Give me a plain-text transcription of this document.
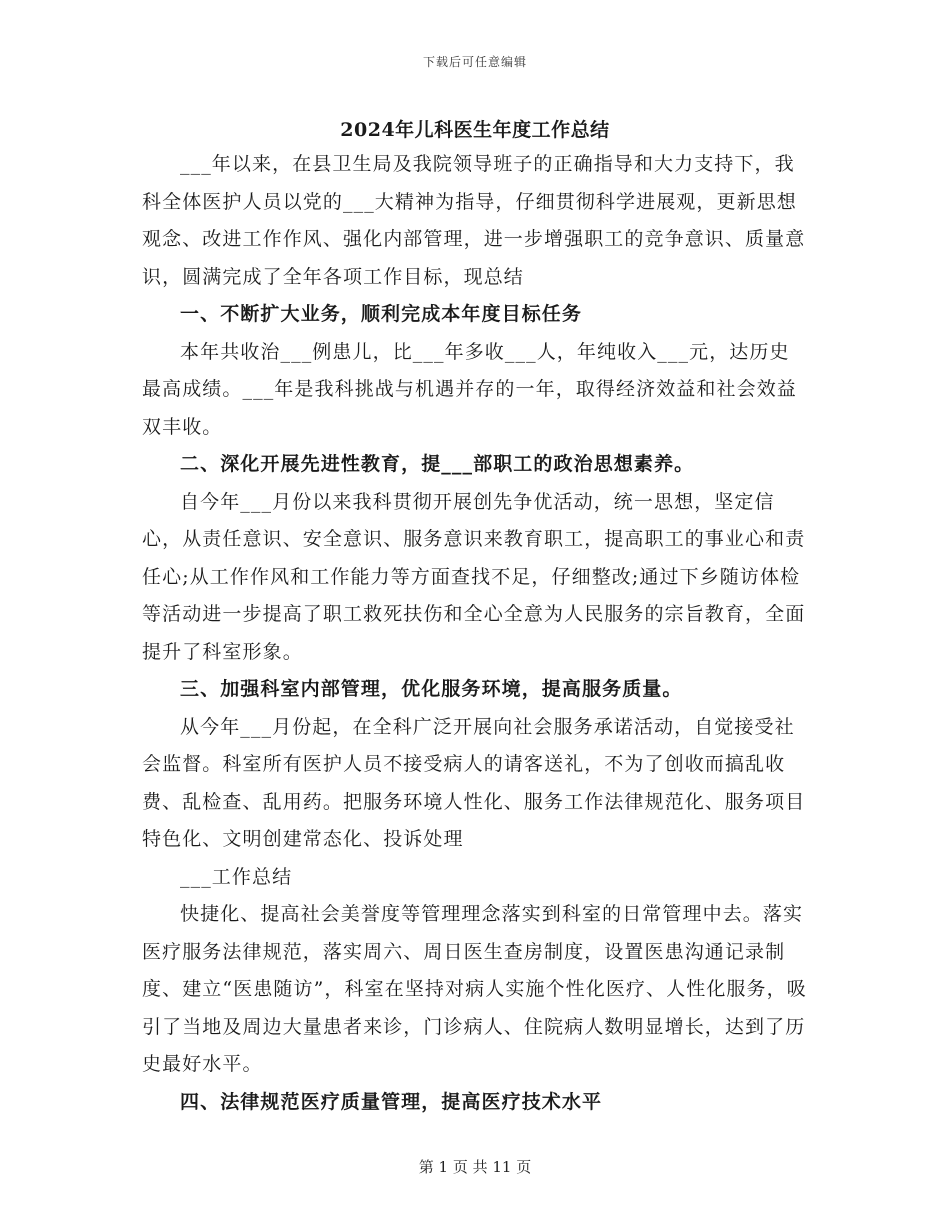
下载后可任意编辑
2024年儿科医生年度工作总结

___年以来，在县卫生局及我院领导班子的正确指导和大力支持下，我科全体医护人员以党的___大精神为指导，仔细贯彻科学进展观，更新思想观念、改进工作作风、强化内部管理，进一步增强职工的竞争意识、质量意识，圆满完成了全年各项工作目标，现总结

一、不断扩大业务，顺利完成本年度目标任务

本年共收治___例患儿，比___年多收___人，年纯收入___元，达历史最高成绩。___年是我科挑战与机遇并存的一年，取得经济效益和社会效益双丰收。

二、深化开展先进性教育，提___部职工的政治思想素养。

自今年___月份以来我科贯彻开展创先争优活动，统一思想，坚定信心，从责任意识、安全意识、服务意识来教育职工，提高职工的事业心和责任心;从工作作风和工作能力等方面查找不足，仔细整改;通过下乡随访体检等活动进一步提高了职工救死扶伤和全心全意为人民服务的宗旨教育，全面提升了科室形象。

三、加强科室内部管理，优化服务环境，提高服务质量。

从今年___月份起，在全科广泛开展向社会服务承诺活动，自觉接受社会监督。科室所有医护人员不接受病人的请客送礼，不为了创收而搞乱收费、乱检查、乱用药。把服务环境人性化、服务工作法律规范化、服务项目特色化、文明创建常态化、投诉处理

___工作总结

快捷化、提高社会美誉度等管理理念落实到科室的日常管理中去。落实医疗服务法律规范，落实周六、周日医生查房制度，设置医患沟通记录制度、建立“医患随访”，科室在坚持对病人实施个性化医疗、人性化服务，吸引了当地及周边大量患者来诊，门诊病人、住院病人数明显增长，达到了历史最好水平。

四、法律规范医疗质量管理，提高医疗技术水平

第 1 页 共 11 页
